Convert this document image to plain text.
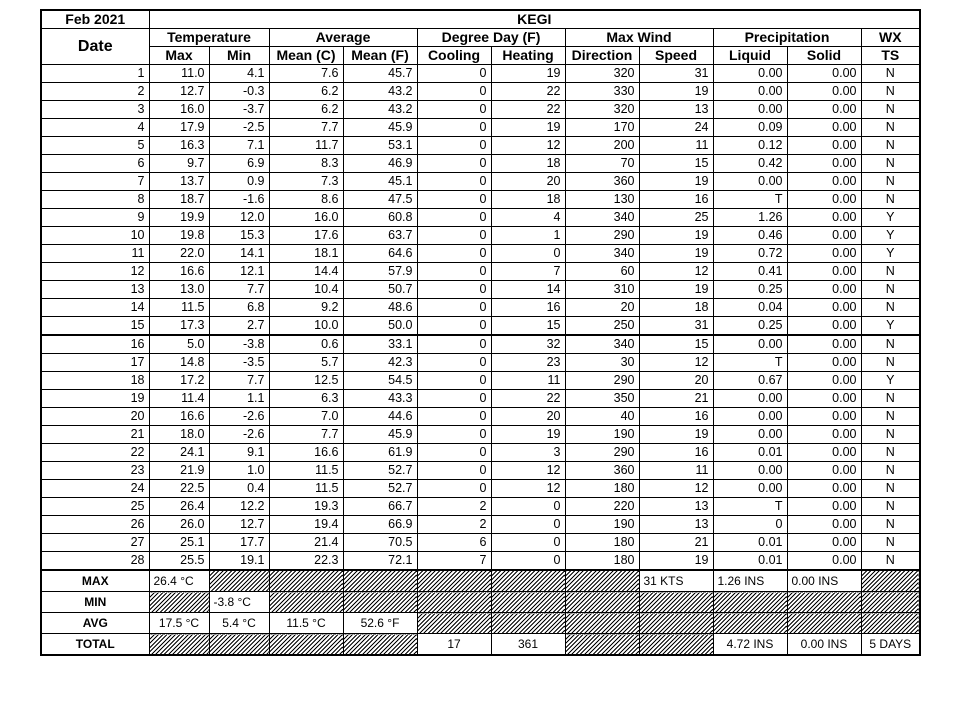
Feb 2021	KEGI										
Date	Temperature		Average		Degree Day (F)		Max Wind		Precipitation		WX
	Max	Min	Mean (C)	Mean (F)	Cooling	Heating	Direction	Speed	Liquid	Solid	TS
1	11.0	4.1	7.6	45.7	0	19	320	31	0.00	0.00	N
2	12.7	-0.3	6.2	43.2	0	22	330	19	0.00	0.00	N
3	16.0	-3.7	6.2	43.2	0	22	320	13	0.00	0.00	N
4	17.9	-2.5	7.7	45.9	0	19	170	24	0.09	0.00	N
5	16.3	7.1	11.7	53.1	0	12	200	11	0.12	0.00	N
6	9.7	6.9	8.3	46.9	0	18	70	15	0.42	0.00	N
7	13.7	0.9	7.3	45.1	0	20	360	19	0.00	0.00	N
8	18.7	-1.6	8.6	47.5	0	18	130	16	T	0.00	N
9	19.9	12.0	16.0	60.8	0	4	340	25	1.26	0.00	Y
10	19.8	15.3	17.6	63.7	0	1	290	19	0.46	0.00	Y
11	22.0	14.1	18.1	64.6	0	0	340	19	0.72	0.00	Y
12	16.6	12.1	14.4	57.9	0	7	60	12	0.41	0.00	N
13	13.0	7.7	10.4	50.7	0	14	310	19	0.25	0.00	N
14	11.5	6.8	9.2	48.6	0	16	20	18	0.04	0.00	N
15	17.3	2.7	10.0	50.0	0	15	250	31	0.25	0.00	Y
16	5.0	-3.8	0.6	33.1	0	32	340	15	0.00	0.00	N
17	14.8	-3.5	5.7	42.3	0	23	30	12	T	0.00	N
18	17.2	7.7	12.5	54.5	0	11	290	20	0.67	0.00	Y
19	11.4	1.1	6.3	43.3	0	22	350	21	0.00	0.00	N
20	16.6	-2.6	7.0	44.6	0	20	40	16	0.00	0.00	N
21	18.0	-2.6	7.7	45.9	0	19	190	19	0.00	0.00	N
22	24.1	9.1	16.6	61.9	0	3	290	16	0.01	0.00	N
23	21.9	1.0	11.5	52.7	0	12	360	11	0.00	0.00	N
24	22.5	0.4	11.5	52.7	0	12	180	12	0.00	0.00	N
25	26.4	12.2	19.3	66.7	2	0	220	13	T	0.00	N
26	26.0	12.7	19.4	66.9	2	0	190	13	0	0.00	N
27	25.1	17.7	21.4	70.5	6	0	180	21	0.01	0.00	N
28	25.5	19.1	22.3	72.1	7	0	180	19	0.01	0.00	N
MAX	26.4 °C							31 KTS	1.26 INS	0.00 INS	
MIN		-3.8 °C									
AVG	17.5 °C	5.4 °C	11.5 °C	52.6 °F							
TOTAL					17	361			4.72 INS	0.00 INS	5 DAYS
